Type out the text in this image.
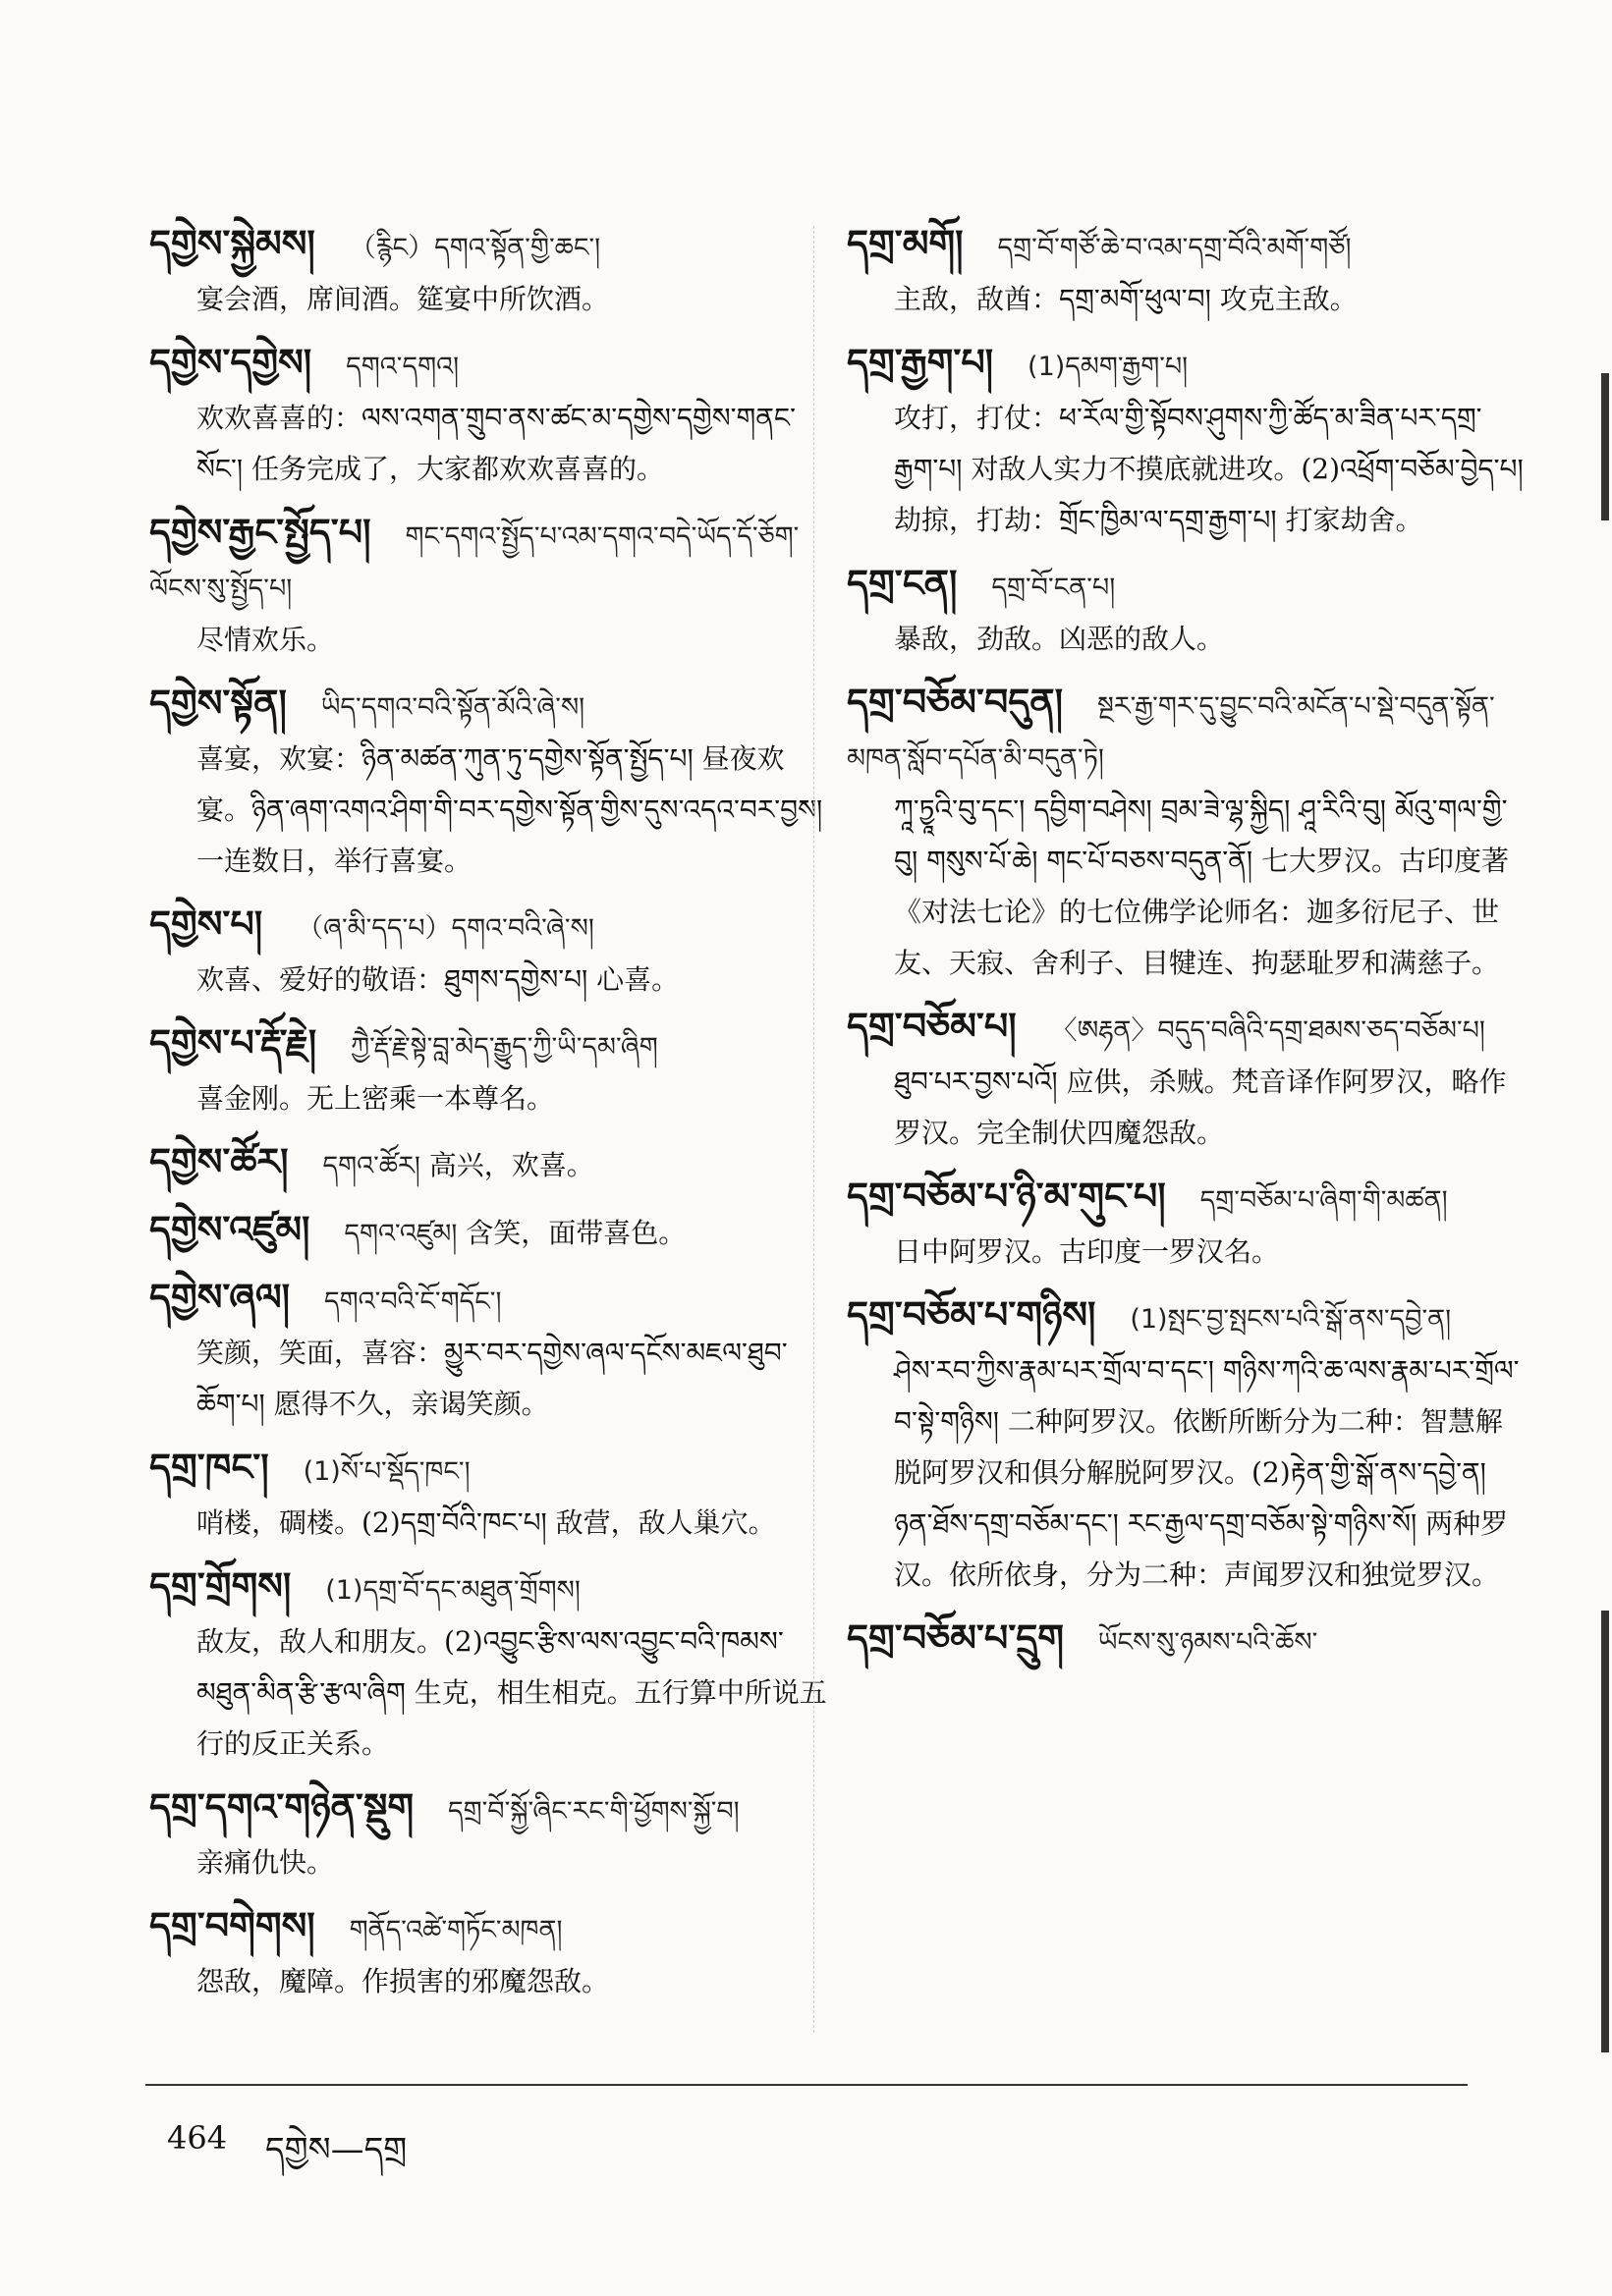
དགྱེས་སྐྱེམས། （རྙིང）དགའ་སྟོན་གྱི་ཆང་།
宴会酒，席间酒。筵宴中所饮酒。
དགྱེས་དགྱེས། དགའ་དགའ།
欢欢喜喜的：ལས་འགན་གྲུབ་ནས་ཚང་མ་དགྱེས་དགྱེས་གནང་སོང་། 任务完成了，大家都欢欢喜喜的。
དགྱེས་རྒྱང་སྤྱོད་པ། གང་དགའ་སྤྱོད་པ་འམ་དགའ་བདེ་ཡོད་དོ་ཅོག་ལོངས་སུ་སྤྱོད་པ།
尽情欢乐。
དགྱེས་སྟོན། ཡིད་དགའ་བའི་སྟོན་མོའི་ཞེ་ས།
喜宴，欢宴：ཉིན་མཚན་ཀུན་ཏུ་དགྱེས་སྟོན་སྤྱོད་པ། 昼夜欢宴。ཉིན་ཞག་འགའ་ཤིག་གི་བར་དགྱེས་སྟོན་གྱིས་དུས་འདའ་བར་བྱས། 一连数日，举行喜宴。
དགྱེས་པ། （ཞ་མི་དད་པ）དགའ་བའི་ཞེ་ས།
欢喜、爱好的敬语：ཐུགས་དགྱེས་པ། 心喜。
དགྱེས་པ་རྡོ་རྗེ། ཀྱཻ་རྡོ་རྗེ་སྟེ་བླ་མེད་རྒྱུད་ཀྱི་ཡི་དམ་ཞིག
喜金刚。无上密乘一本尊名。
དགྱེས་ཚོར། དགའ་ཚོར། 高兴，欢喜。
དགྱེས་འཛུམ། དགའ་འཛུམ། 含笑，面带喜色。
དགྱེས་ཞལ། དགའ་བའི་ངོ་གདོང་།
笑颜，笑面，喜容：མྱུར་བར་དགྱེས་ཞལ་དངོས་མཇལ་ཐུབ་ཆོག་པ། 愿得不久，亲谒笑颜。
དགྲ་ཁང་། (1)སོ་པ་སྡོད་ཁང་།
哨楼，碉楼。(2)དགྲ་བོའི་ཁང་པ། 敌营，敌人巢穴。
དགྲ་གྲོགས། (1)དགྲ་བོ་དང་མཐུན་གྲོགས།
敌友，敌人和朋友。(2)འབྱུང་རྩིས་ལས་འབྱུང་བའི་ཁམས་མཐུན་མིན་རྩི་རྩལ་ཞིག 生克，相生相克。五行算中所说五行的反正关系。
དགྲ་དགའ་གཉེན་སྡུག དགྲ་བོ་སྐྱོ་ཞིང་རང་གི་ཕྱོགས་སྐྱོ་བ།
亲痛仇快。
དགྲ་བགེགས། གནོད་འཚེ་གཏོང་མཁན།
怨敌，魔障。作损害的邪魔怨敌。
དགྲ་མགོ། དགྲ་བོ་གཙོ་ཆེ་བ་འམ་དགྲ་བོའི་མགོ་གཙོ།
主敌，敌酋：དགྲ་མགོ་ཕུལ་བ། 攻克主敌。
དགྲ་རྒྱག་པ། (1)དམག་རྒྱག་པ།
攻打，打仗：ཕ་རོལ་གྱི་སྟོབས་ཤུགས་ཀྱི་ཚོད་མ་ཟིན་པར་དགྲ་རྒྱག་པ། 对敌人实力不摸底就进攻。(2)འཕྲོག་བཅོམ་བྱེད་པ། 劫掠，打劫：གྲོང་ཁྱིམ་ལ་དགྲ་རྒྱག་པ། 打家劫舍。
དགྲ་ངན། དགྲ་བོ་ངན་པ།
暴敌，劲敌。凶恶的敌人。
དགྲ་བཅོམ་བདུན། སྔར་རྒྱ་གར་དུ་བྱུང་བའི་མངོན་པ་སྡེ་བདུན་སྟོན་མཁན་སློབ་དཔོན་མི་བདུན་ཏེ།
ཀཱ་ཏྱཱའི་བུ་དང་། དབྱིག་བཤེས། བྲམ་ཟེ་ལྷ་སྐྱིད། ཤཱ་རིའི་བུ། མོའུ་གལ་གྱི་བུ། གསུས་པོ་ཆེ། གང་པོ་བཅས་བདུན་ནོ། 七大罗汉。古印度著《对法七论》的七位佛学论师名：迦多衍尼子、世友、天寂、舍利子、目犍连、拘瑟耻罗和满慈子。
དགྲ་བཅོམ་པ། 〈ཨརྷན〉བདུད་བཞིའི་དགྲ་ཐམས་ཅད་བཅོམ་པ།
ཐུབ་པར་བྱས་པའོ། 应供，杀贼。梵音译作阿罗汉，略作罗汉。完全制伏四魔怨敌。
དགྲ་བཅོམ་པ་ཉི་མ་གུང་པ། དགྲ་བཅོམ་པ་ཞིག་གི་མཚན།
日中阿罗汉。古印度一罗汉名。
དགྲ་བཅོམ་པ་གཉིས། (1)སྤང་བྱ་སྤངས་པའི་སྒོ་ནས་དབྱེ་ན།
ཤེས་རབ་ཀྱིས་རྣམ་པར་གྲོལ་བ་དང་། གཉིས་ཀའི་ཆ་ལས་རྣམ་པར་གྲོལ་བ་སྟེ་གཉིས། 二种阿罗汉。依断所断分为二种：智慧解脱阿罗汉和俱分解脱阿罗汉。(2)རྟེན་གྱི་སྒོ་ནས་དབྱེ་ན། ཉན་ཐོས་དགྲ་བཅོམ་དང་། རང་རྒྱལ་དགྲ་བཅོམ་སྟེ་གཉིས་སོ། 两种罗汉。依所依身，分为二种：声闻罗汉和独觉罗汉。
དགྲ་བཅོམ་པ་དྲུག ཡོངས་སུ་ཉམས་པའི་ཆོས་
464 དགྱེས—དགྲ
